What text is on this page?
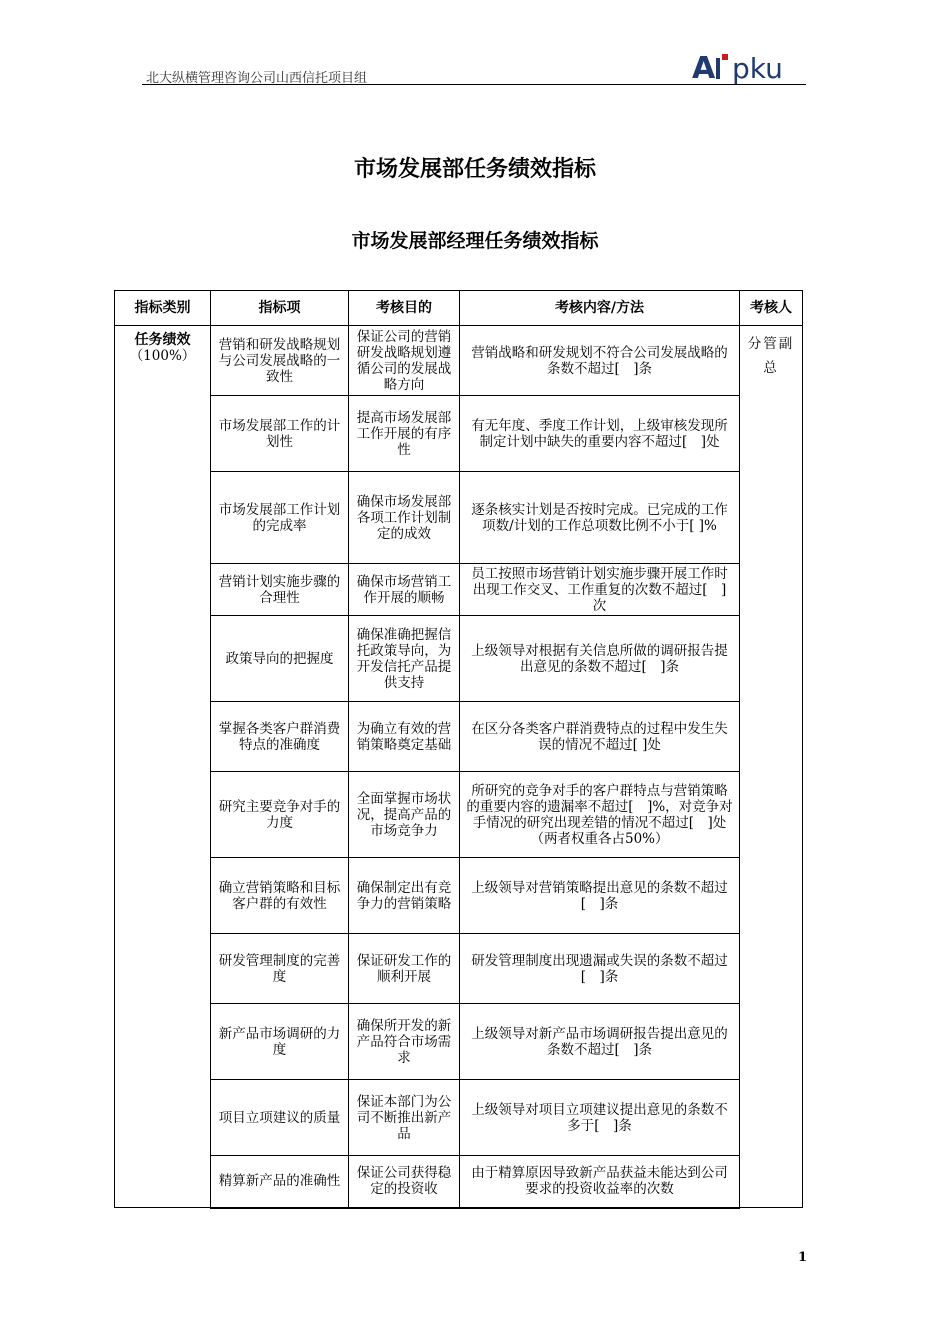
北大纵横管理咨询公司山西信托项目组	A pku
市场发展部任务绩效指标
市场发展部经理任务绩效指标
指标类别	指标项	考核目的	考核内容/方法	考核人

任务绩效
（100%）	营销和研发战略规划与公司发展战略的一致性	保证公司的营销研发战略规划遵循公司的发展战略方向	营销战略和研发规划不符合公司发展战略的条数不超过[　]条	分管副总
	市场发展部工作的计划性	提高市场发展部工作开展的有序性	有无年度、季度工作计划，上级审核发现所制定计划中缺失的重要内容不超过[　]处	
	市场发展部工作计划的完成率	确保市场发展部各项工作计划制定的成效	逐条核实计划是否按时完成。已完成的工作项数/计划的工作总项数比例不小于[ ]%	
	营销计划实施步骤的合理性	确保市场营销工作开展的顺畅	员工按照市场营销计划实施步骤开展工作时出现工作交叉、工作重复的次数不超过[　]次	
	政策导向的把握度	确保准确把握信托政策导向，为开发信托产品提供支持	上级领导对根据有关信息所做的调研报告提出意见的条数不超过[　]条	
	掌握各类客户群消费特点的准确度	为确立有效的营销策略奠定基础	在区分各类客户群消费特点的过程中发生失误的情况不超过[ ]处	
	研究主要竞争对手的力度	全面掌握市场状况，提高产品的市场竞争力	所研究的竞争对手的客户群特点与营销策略的重要内容的遗漏率不超过[　]%，对竞争对手情况的研究出现差错的情况不超过[　]处（两者权重各占50%）	
	确立营销策略和目标客户群的有效性	确保制定出有竞争力的营销策略	上级领导对营销策略提出意见的条数不超过[　]条	
	研发管理制度的完善度	保证研发工作的顺利开展	研发管理制度出现遗漏或失误的条数不超过[　]条	
	新产品市场调研的力度	确保所开发的新产品符合市场需求	上级领导对新产品市场调研报告提出意见的条数不超过[　]条	
	项目立项建议的质量	保证本部门为公司不断推出新产品	上级领导对项目立项建议提出意见的条数不多于[　]条	
	精算新产品的准确性	保证公司获得稳定的投资收	由于精算原因导致新产品获益未能达到公司要求的投资收益率的次数	
1
